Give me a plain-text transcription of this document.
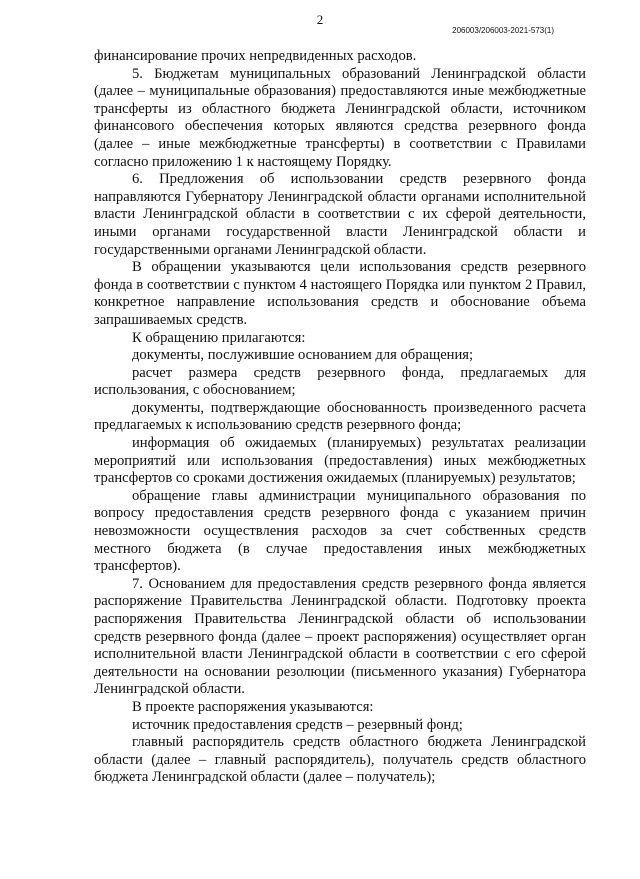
2
206003/206003-2021-573(1)

финансирование прочих непредвиденных расходов.

5. Бюджетам муниципальных образований Ленинградской области (далее – муниципальные образования) предоставляются иные межбюджетные трансферты из областного бюджета Ленинградской области, источником финансового обеспечения которых являются средства резервного фонда (далее – иные межбюджетные трансферты) в соответствии с Правилами согласно приложению 1 к настоящему Порядку.

6. Предложения об использовании средств резервного фонда направляются Губернатору Ленинградской области органами исполнительной власти Ленинградской области в соответствии с их сферой деятельности, иными органами государственной власти Ленинградской области и государственными органами Ленинградской области.

В обращении указываются цели использования средств резервного фонда в соответствии с пунктом 4 настоящего Порядка или пунктом 2 Правил, конкретное направление использования средств и обоснование объема запрашиваемых средств.

К обращению прилагаются:

документы, послужившие основанием для обращения;

расчет размера средств резервного фонда, предлагаемых для использования, с обоснованием;

документы, подтверждающие обоснованность произведенного расчета предлагаемых к использованию средств резервного фонда;

информация об ожидаемых (планируемых) результатах реализации мероприятий или использования (предоставления) иных межбюджетных трансфертов со сроками достижения ожидаемых (планируемых) результатов;

обращение главы администрации муниципального образования по вопросу предоставления средств резервного фонда с указанием причин невозможности осуществления расходов за счет собственных средств местного бюджета (в случае предоставления иных межбюджетных трансфертов).

7. Основанием для предоставления средств резервного фонда является распоряжение Правительства Ленинградской области. Подготовку проекта распоряжения Правительства Ленинградской области об использовании средств резервного фонда (далее – проект распоряжения) осуществляет орган исполнительной власти Ленинградской области в соответствии с его сферой деятельности на основании резолюции (письменного указания) Губернатора Ленинградской области.

В проекте распоряжения указываются:

источник предоставления средств – резервный фонд;

главный распорядитель средств областного бюджета Ленинградской области (далее – главный распорядитель), получатель средств областного бюджета Ленинградской области (далее – получатель);
